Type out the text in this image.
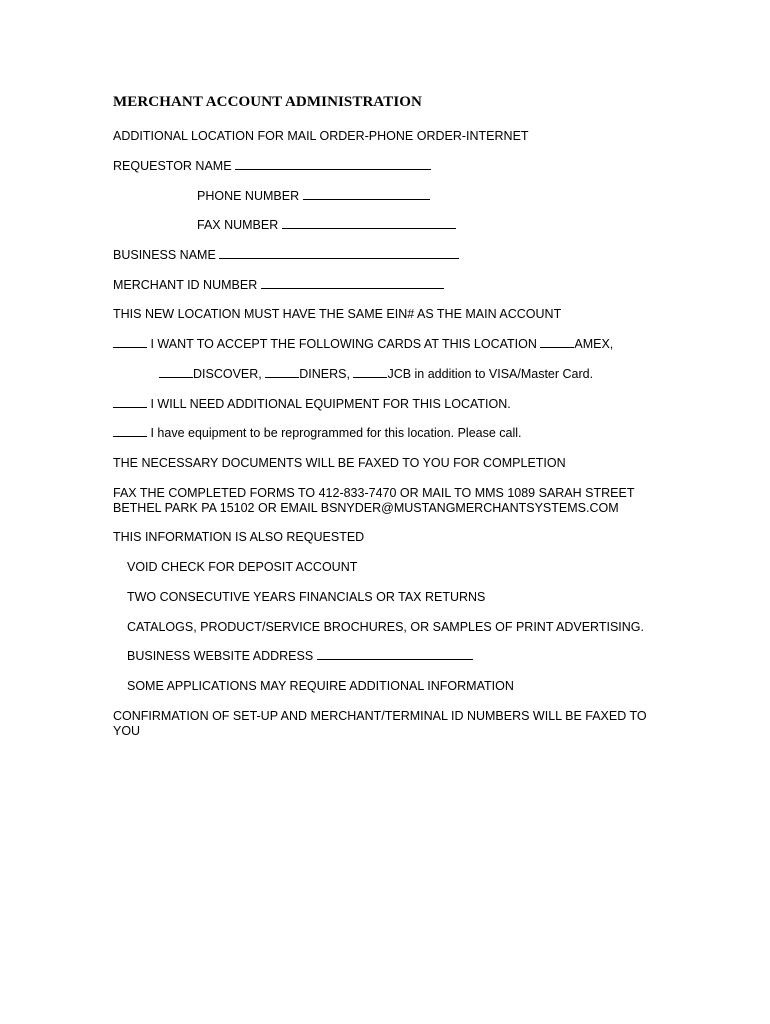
MERCHANT ACCOUNT ADMINISTRATION
ADDITIONAL LOCATION FOR MAIL ORDER-PHONE ORDER-INTERNET
REQUESTOR NAME
PHONE NUMBER
FAX NUMBER
BUSINESS NAME
MERCHANT ID NUMBER
THIS NEW LOCATION MUST HAVE THE SAME EIN# AS THE MAIN ACCOUNT
I WANT TO ACCEPT THE FOLLOWING CARDS AT THIS LOCATION	AMEX,
DISCOVER,	DINERS,	JCB in addition to VISA/Master Card.
I WILL NEED ADDITIONAL EQUIPMENT FOR THIS LOCATION.
I have equipment to be reprogrammed for this location. Please call.
THE NECESSARY DOCUMENTS WILL BE FAXED TO YOU FOR COMPLETION
FAX THE COMPLETED FORMS TO 412-833-7470 OR MAIL TO MMS 1089 SARAH STREET
BETHEL PARK PA 15102 OR EMAIL BSNYDER@MUSTANGMERCHANTSYSTEMS.COM
THIS INFORMATION IS ALSO REQUESTED
VOID CHECK FOR DEPOSIT ACCOUNT
TWO CONSECUTIVE YEARS FINANCIALS OR TAX RETURNS
CATALOGS, PRODUCT/SERVICE BROCHURES, OR SAMPLES OF PRINT ADVERTISING.
BUSINESS WEBSITE ADDRESS
SOME APPLICATIONS MAY REQUIRE ADDITIONAL INFORMATION
CONFIRMATION OF SET-UP AND MERCHANT/TERMINAL ID NUMBERS WILL BE FAXED TO YOU
